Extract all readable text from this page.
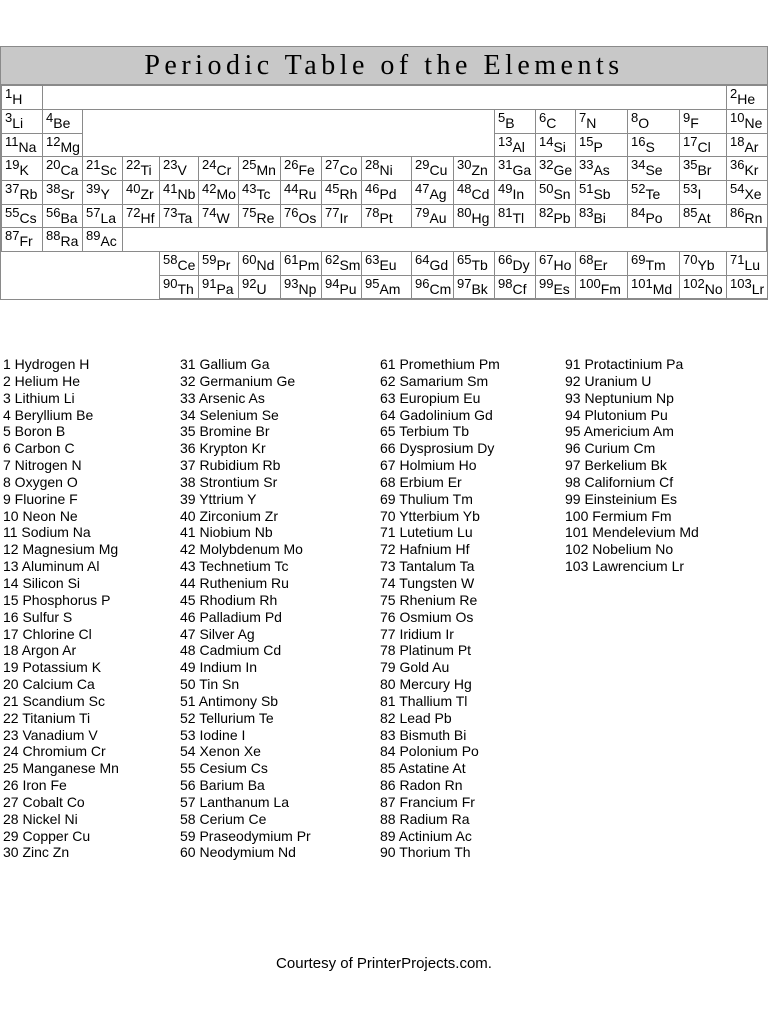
Periodic Table of the Elements
1H	2He
3Li	4Be	5B	6C	7N	8O	9F	10Ne
11Na 12Mg	13Al	14Si	15P	16S	17Cl	18Ar
19K	20Ca 21Sc 22Ti 23V	24Cr 25Mn 26Fe 27Co 28Ni	29Cu 30Zn 31Ga 32Ge 33As	34Se	35Br	36Kr
37Rb 38Sr 39Y	40Zr 41Nb 42Mo 43Tc	44Ru 45Rh 46Pd	47Ag 48Cd 49In	50Sn 51Sb	52Te	53I	54Xe
55Cs 56Ba 57La 72Hf 73Ta 74W 75Re 76Os 77Ir	78Pt	79Au 80Hg 81Tl	82Pb 83Bi	84Po	85At	86Rn
87Fr	88Ra 89Ac
58Ce 59Pr 60Nd 61Pm 62Sm 63Eu	64Gd 65Tb 66Dy 67Ho 68Er	69Tm	70Yb	71Lu
90Th 91Pa 92U	93Np 94Pu 95Am	96Cm 97Bk 98Cf 99Es 100Fm 101Md 102No 103Lr
1 Hydrogen H
2 Helium He
3 Lithium Li
4 Beryllium Be
5 Boron B
6 Carbon C
7 Nitrogen N
8 Oxygen O
9 Fluorine F
10 Neon Ne
11 Sodium Na
12 Magnesium Mg
13 Aluminum Al
14 Silicon Si
15 Phosphorus P
16 Sulfur S
17 Chlorine Cl
18 Argon Ar
19 Potassium K
20 Calcium Ca
21 Scandium Sc
22 Titanium Ti
23 Vanadium V
24 Chromium Cr
25 Manganese Mn
26 Iron Fe
27 Cobalt Co
28 Nickel Ni
29 Copper Cu
30 Zinc Zn
31 Gallium Ga
32 Germanium Ge
33 Arsenic As
34 Selenium Se
35 Bromine Br
36 Krypton Kr
37 Rubidium Rb
38 Strontium Sr
39 Yttrium Y
40 Zirconium Zr
41 Niobium Nb
42 Molybdenum Mo
43 Technetium Tc
44 Ruthenium Ru
45 Rhodium Rh
46 Palladium Pd
47 Silver Ag
48 Cadmium Cd
49 Indium In
50 Tin Sn
51 Antimony Sb
52 Tellurium Te
53 Iodine I
54 Xenon Xe
55 Cesium Cs
56 Barium Ba
57 Lanthanum La
58 Cerium Ce
59 Praseodymium Pr
60 Neodymium Nd
61 Promethium Pm
62 Samarium Sm
63 Europium Eu
64 Gadolinium Gd
65 Terbium Tb
66 Dysprosium Dy
67 Holmium Ho
68 Erbium Er
69 Thulium Tm
70 Ytterbium Yb
71 Lutetium Lu
72 Hafnium Hf
73 Tantalum Ta
74 Tungsten W
75 Rhenium Re
76 Osmium Os
77 Iridium Ir
78 Platinum Pt
79 Gold Au
80 Mercury Hg
81 Thallium Tl
82 Lead Pb
83 Bismuth Bi
84 Polonium Po
85 Astatine At
86 Radon Rn
87 Francium Fr
88 Radium Ra
89 Actinium Ac
90 Thorium Th
91 Protactinium Pa
92 Uranium U
93 Neptunium Np
94 Plutonium Pu
95 Americium Am
96 Curium Cm
97 Berkelium Bk
98 Californium Cf
99 Einsteinium Es
100 Fermium Fm
101 Mendelevium Md
102 Nobelium No
103 Lawrencium Lr
Courtesy of PrinterProjects.com.
